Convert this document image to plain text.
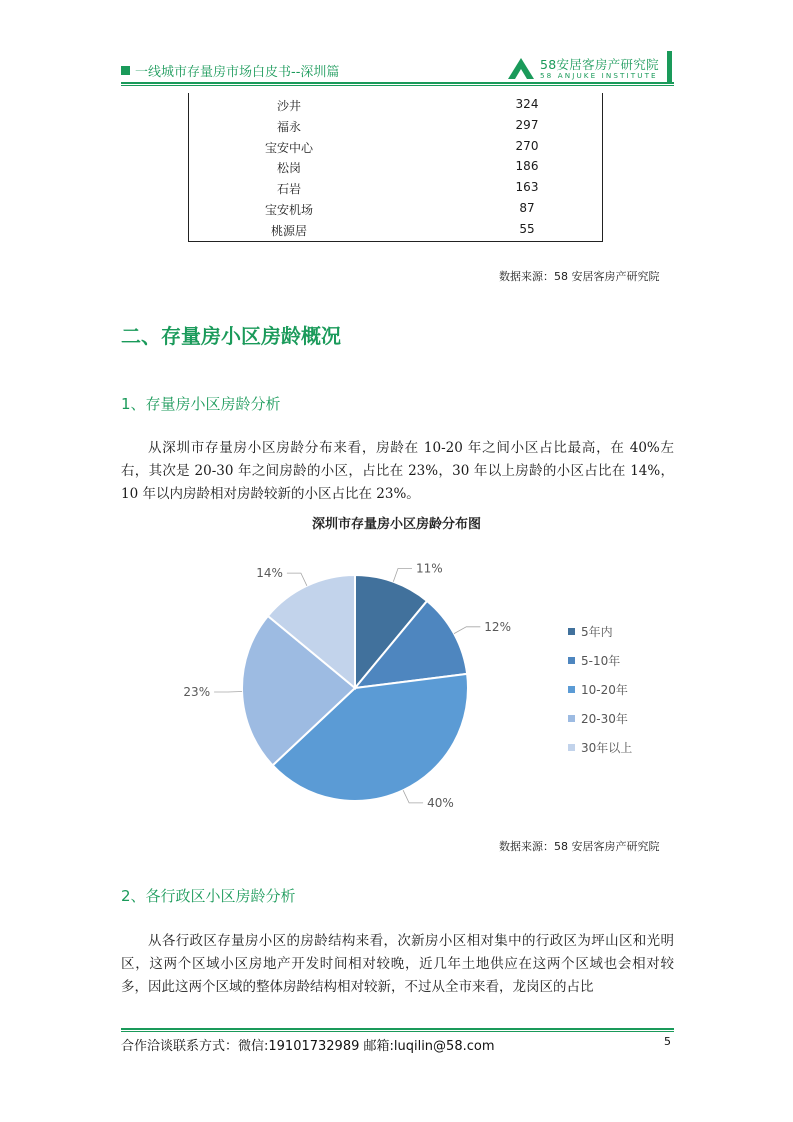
一线城市存量房市场白皮书--深圳篇
58安居客房产研究院
58 ANJUKE INSTITUTE
沙井	324
福永	297
宝安中心	270
松岗	186
石岩	163
宝安机场	87
桃源居	55
数据来源：58 安居客房产研究院
二、存量房小区房龄概况
1、存量房小区房龄分析

从深圳市存量房小区房龄分布来看，房龄在 10-20 年之间小区占比最高，在 40%左右，其次是 20-30 年之间房龄的小区，占比在 23%，30 年以上房龄的小区占比在 14%，10 年以内房龄相对房龄较新的小区占比在 23%。

深圳市存量房小区房龄分布图
11%
12%
40%
23%
14%
5年内
5-10年
10-20年
20-30年
30年以上
数据来源：58 安居客房产研究院
2、各行政区小区房龄分析

从各行政区存量房小区的房龄结构来看，次新房小区相对集中的行政区为坪山区和光明区，这两个区域小区房地产开发时间相对较晚，近几年土地供应在这两个区域也会相对较多，因此这两个区域的整体房龄结构相对较新，不过从全市来看，龙岗区的占比

合作洽谈联系方式：微信:19101732989 邮箱:luqilin@58.com	5
